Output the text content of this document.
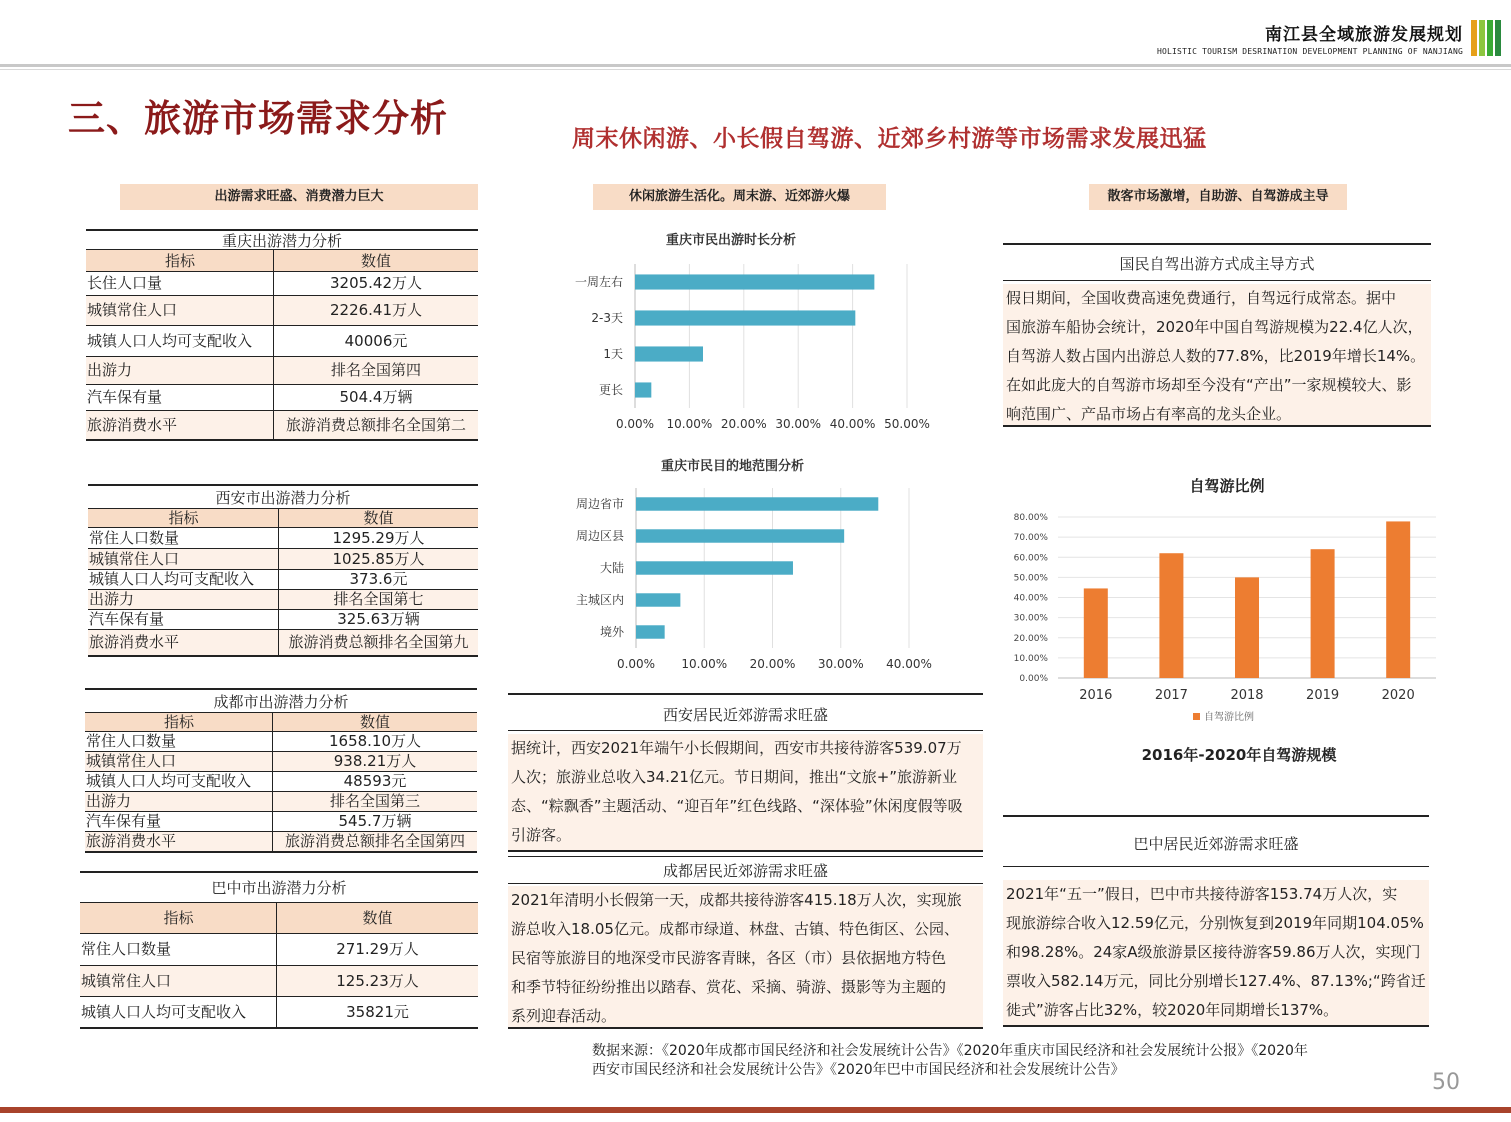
南江县全域旅游发展规划
HOLISTIC TOURISM DESRINATION DEVELOPMENT PLANNING OF NANJIANG
三、旅游市场需求分析	周末休闲游、小长假自驾游、近郊乡村游等市场需求发展迅猛
出游需求旺盛、消费潜力巨大	休闲旅游生活化。周末游、近郊游火爆	散客市场激增，自助游、自驾游成主导
重庆出游潜力分析
指标	数值
长住人口量	3205.42万人
城镇常住人口	2226.41万人
城镇人口人均可支配收入	40006元
出游力	排名全国第四
汽车保有量	504.4万辆
旅游消费水平	旅游消费总额排名全国第二
西安市出游潜力分析
指标	数值
常住人口数量	1295.29万人
城镇常住人口	1025.85万人
城镇人口人均可支配收入	373.6元
出游力	排名全国第七
汽车保有量	325.63万辆
旅游消费水平	旅游消费总额排名全国第九
成都市出游潜力分析
指标	数值
常住人口数量	1658.10万人
城镇常住人口	938.21万人
城镇人口人均可支配收入	48593元
出游力	排名全国第三
汽车保有量	545.7万辆
旅游消费水平	旅游消费总额排名全国第四
巴中市出游潜力分析
指标	数值
常住人口数量	271.29万人
城镇常住人口	125.23万人
城镇人口人均可支配收入	35821元
重庆市民出游时长分析
0.00% 10.00% 20.00% 30.00% 40.00% 50.00%
一周左右
2-3天
1天
更长
重庆市民目的地范围分析
0.00% 10.00% 20.00% 30.00% 40.00%
周边省市
周边区县
大陆
主城区内
境外
自驾游比例
0.00%
10.00%
20.00%
30.00%
40.00%
50.00%
60.00%
70.00%
80.00%
2016	2017	2018	2019	2020
自驾游比例
2016年-2020年自驾游规模
国民自驾出游方式成主导方式
假日期间，全国收费高速免费通行，自驾远行成常态。据中
国旅游车船协会统计，2020年中国自驾游规模为22.4亿人次，
自驾游人数占国内出游总人数的77.8%，比2019年增长14%。
在如此庞大的自驾游市场却至今没有“产出”一家规模较大、影
响范围广、产品市场占有率高的龙头企业。
西安居民近郊游需求旺盛
据统计，西安2021年端午小长假期间，西安市共接待游客539.07万
人次；旅游业总收入34.21亿元。节日期间，推出“文旅+”旅游新业
态、“粽飘香”主题活动、“迎百年”红色线路、“深体验”休闲度假等吸
引游客。
成都居民近郊游需求旺盛
2021年清明小长假第一天，成都共接待游客415.18万人次，实现旅
游总收入18.05亿元。成都市绿道、林盘、古镇、特色街区、公园、
民宿等旅游目的地深受市民游客青睐，各区（市）县依据地方特色
和季节特征纷纷推出以踏春、赏花、采摘、骑游、摄影等为主题的
系列迎春活动。
巴中居民近郊游需求旺盛
2021年“五一”假日，巴中市共接待游客153.74万人次，实
现旅游综合收入12.59亿元，分别恢复到2019年同期104.05%
和98.28%。24家A级旅游景区接待游客59.86万人次，实现门
票收入582.14万元，同比分别增长127.4%、87.13%;“跨省迁
徙式”游客占比32%，较2020年同期增长137%。
数据来源：《2020年成都市国民经济和社会发展统计公告》《2020年重庆市国民经济和社会发展统计公报》《2020年
西安市国民经济和社会发展统计公告》《2020年巴中市国民经济和社会发展统计公告》	50
